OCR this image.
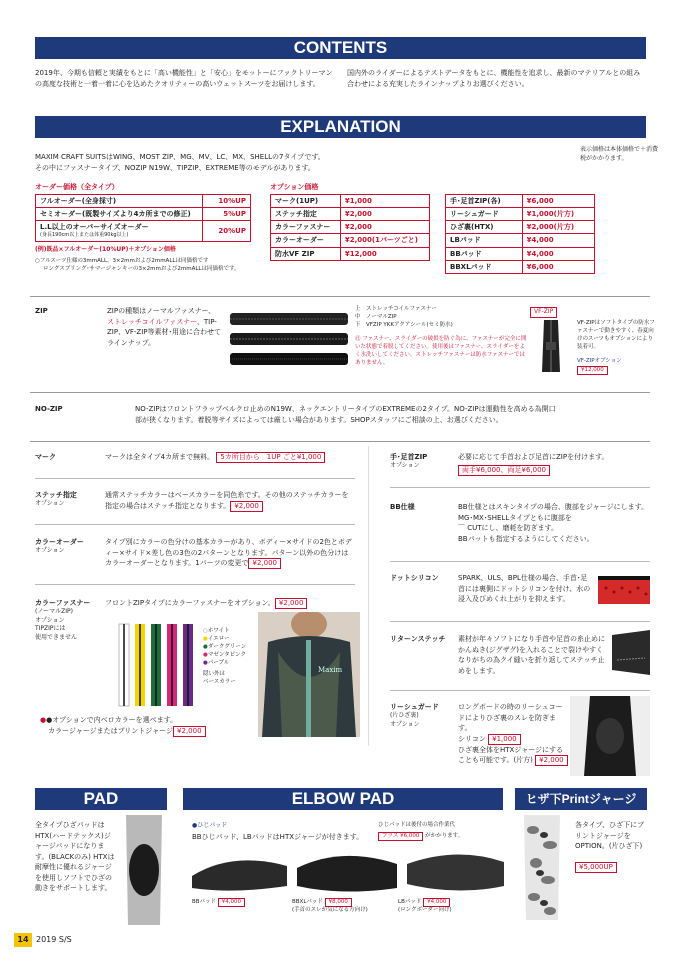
CONTENTS
2019年、今期も信頼と実績をもとに「高い機能性」と「安心」をモットーにファクトリーマンの高度な技術と一着一着に心を込めたクオリティーの高いウェットスーツをお届けします。
国内外のライダーによるテストデータをもとに、機能性を追求し、最新のマテリアルとの組み合わせによる充実したラインナップよりお選びください。
EXPLANATION
MAXIM CRAFT SUITSはWING、MOST ZIP、MG、MV、LC、MX、SHELLの7タイプです。
その中にファスナータイプ、NOZIP N19W、TIPZIP、EXTREME等のモデルがあります。
表示価格は本体価格で＋消費税がかかります。
オーダー価格（全タイプ）
フルオーダー(全身採寸)	10%UP
セミオーダー(既製サイズより4カ所までの修正)	5%UP

L.L以上のオーバーサイズオーダー
(身長190cm以上または体重90kg以上)	20%UP
(例)既品×フルオーダー(10%UP)＋オプション価格
○フルスーツ仕様の3mmALL、3×2mmおよび2mmALLは同価格です
ロングスプリング･サマージャンキーの3×2mmおよび2mmALLは同価格です。
オプション価格
マーク(1UP)	¥1,000
ステッチ指定	¥2,000
カラーファスナー	¥2,000
カラーオーダー	¥2,000(1パーツごと)
防水VF ZIP	¥12,000
手･足首ZIP(各)	¥6,000
リーシュガード	¥1,000(片方)
ひざ裏(HTX)	¥2,000(片方)
LBパッド	¥4,000
BBパッド	¥4,000
BBXLパッド	¥6,000
ZIP	ZIPの種類はノーマルファスナー、ストレッチコイルファスナー、TIP-ZIP、VF-ZIP等素材･用途に合わせてラインナップ。
上　ストレッチコイルファスナー
中　ノーマルZIP
下　VFZIP YKKアクアシール(セミ防水)
㊟ ファスナー、スライダーの破損を防ぐ為に、ファスナーが完全に開いた状態で着脱してください。使用後はファスナー、スライダーをよく水洗いしてください。ストレッチファスナーは防水ファスナーではありません。
VF-ZIP
VF-ZIPはソフトタイプの防水ファスナーで動きやすく、春夏向けのスーツもオプションにより装着可。
VF-ZIPオプション
¥12,000
NO-ZIP	NO-ZIPはフロントフラップベルクロ止めのN19W、ネックエントリータイプのEXTREMEの2タイプ。NO-ZIPは運動性を高める為開口部が狭くなります。着脱等サイズによっては厳しい場合があります。SHOPスタッフにご相談の上、お選びください。
マーク	マークは全タイプ4カ所まで無料。 5カ所目から　1UP ごと¥1,000
ステッチ指定
オプション
通常ステッチカラーはベースカラーを同色糸です。その他のステッチカラーを指定の場合はステッチ指定となります。 ¥2,000
カラーオーダー
オプション
タイプ別にカラーの色分けの基本カラーがあり、ボディー×サイドの2色とボディー×サイド×差し色の3色の2パターンとなります。パターン以外の色分けはカラーオーダーとなります。1パーツの変更で ¥2,000
カラーファスナー
(ノーマルZIP)
オプション
TIPZIPには
使用できません
フロントZIPタイプにカラーファスナーをオプション。 ¥2,000
○ホワイト
●イエロー
●ダークグリーン
●マゼンタピンク
●パープル
隠い外は
ベースカラー
Maxim
●●オプションで内ベロカラーを選べます。
カラージャージまたはプリントジャージ ¥2,000
手･足首ZIP
オプション
必要に応じて手首および足首にZIPを付けます。
両手¥6,000、両足¥6,000
BB仕様	BB仕様とはスキンタイプの場合、腹部をジャージにします。MG･MX･SHELLタイプともに腹部を
⌒ CUTにし、磨耗を防ぎます。
BBパットも指定するようにしてください。
ドットシリコン	SPARK、ULS、BPL仕様の場合、手首･足首には裏側にドットシリコンを付け、水の浸入及びめくれ上がりを抑えます。
リターンステッチ 素材が年々ソフトになり手首や足首の糸止めにかんぬき(ジグザグ)を入れることで裂けやすくなりがちの為クイ縫いを折り返してステッチ止めをします。
リーシュガード
(片ひざ裏)
オプション
ロングボードの時のリーシュコードによりひざ裏のスレを防ぎます。
シリコン ¥1,000
ひざ裏全体をHTXジャージにすることも可能です。(片方) ¥2,000
PAD
全タイプひざパッドはHTX(ハードテックス)ジャージパッドになります。(BLACKのみ) HTXは耐摩性に優れるジャージを使用しソフトでひざの動きをサポートします。
ELBOW PAD
●ひじパッド
BBひじパッド、LBパッドはHTXジャージが付きます。
ひじパッドは後付の場合作業代
プラス ¥6,000 がかかります。
BBパッド ¥4,000	BBXLパッド ¥8,000
(手首のスレが気になる方向け)
LBパッド ¥4,000
(ロングボーダー向け)
ヒザ下Printジャージ
各タイプ、ひざ下にプリントジャージをOPTION。(片ひざ下)
¥5,000UP
14 2019 S/S
